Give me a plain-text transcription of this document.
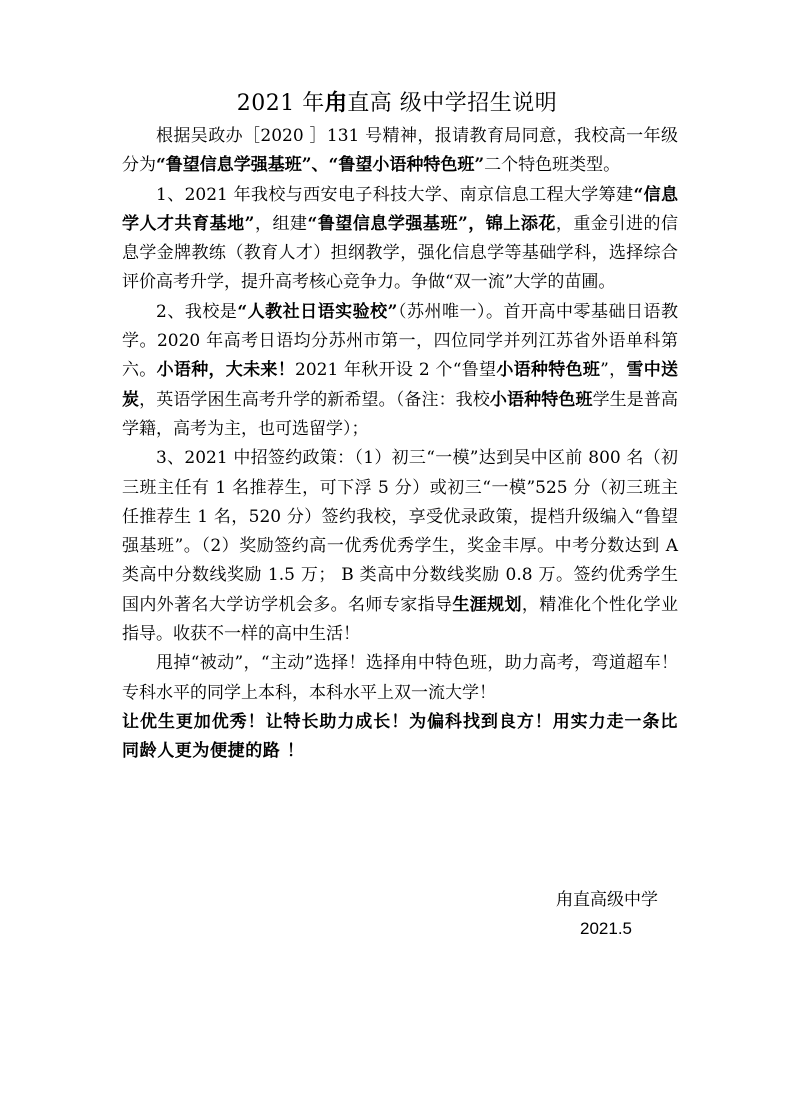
2021 年甪直高 级中学招生说明

根据吴政办［2020 ］131 号精神，报请教育局同意，我校高一年级分为“鲁望信息学强基班”、“鲁望小语种特色班”二个特色班类型。

1、2021 年我校与西安电子科技大学、南京信息工程大学筹建“信息学人才共育基地”，组建“鲁望信息学强基班”，锦上添花，重金引进的信息学金牌教练（教育人才）担纲教学，强化信息学等基础学科，选择综合评价高考升学，提升高考核心竞争力。争做“双一流”大学的苗圃。

2、我校是“人教社日语实验校”（苏州唯一）。首开高中零基础日语教学。2020 年高考日语均分苏州市第一，四位同学并列江苏省外语单科第六。小语种，大未来！2021 年秋开设 2 个“鲁望小语种特色班”，雪中送炭，英语学困生高考升学的新希望。（备注：我校小语种特色班学生是普高学籍，高考为主，也可选留学）；

3、2021 中招签约政策：（1）初三“一模”达到吴中区前 800 名（初三班主任有 1 名推荐生，可下浮 5 分）或初三“一模”525 分（初三班主任推荐生 1 名，520 分）签约我校，享受优录政策，提档升级编入“鲁望强基班”。（2）奖励签约高一优秀优秀学生，奖金丰厚。中考分数达到 A 类高中分数线奖励 1.5 万； B 类高中分数线奖励 0.8 万。签约优秀学生国内外著名大学访学机会多。名师专家指导生涯规划，精准化个性化学业指导。收获不一样的高中生活！

甩掉“被动”，“主动”选择！选择甪中特色班，助力高考，弯道超车！专科水平的同学上本科，本科水平上双一流大学！

让优生更加优秀！让特长助力成长！为偏科找到良方！用实力走一条比同龄人更为便捷的路 ！

甪直高级中学
2021.5
